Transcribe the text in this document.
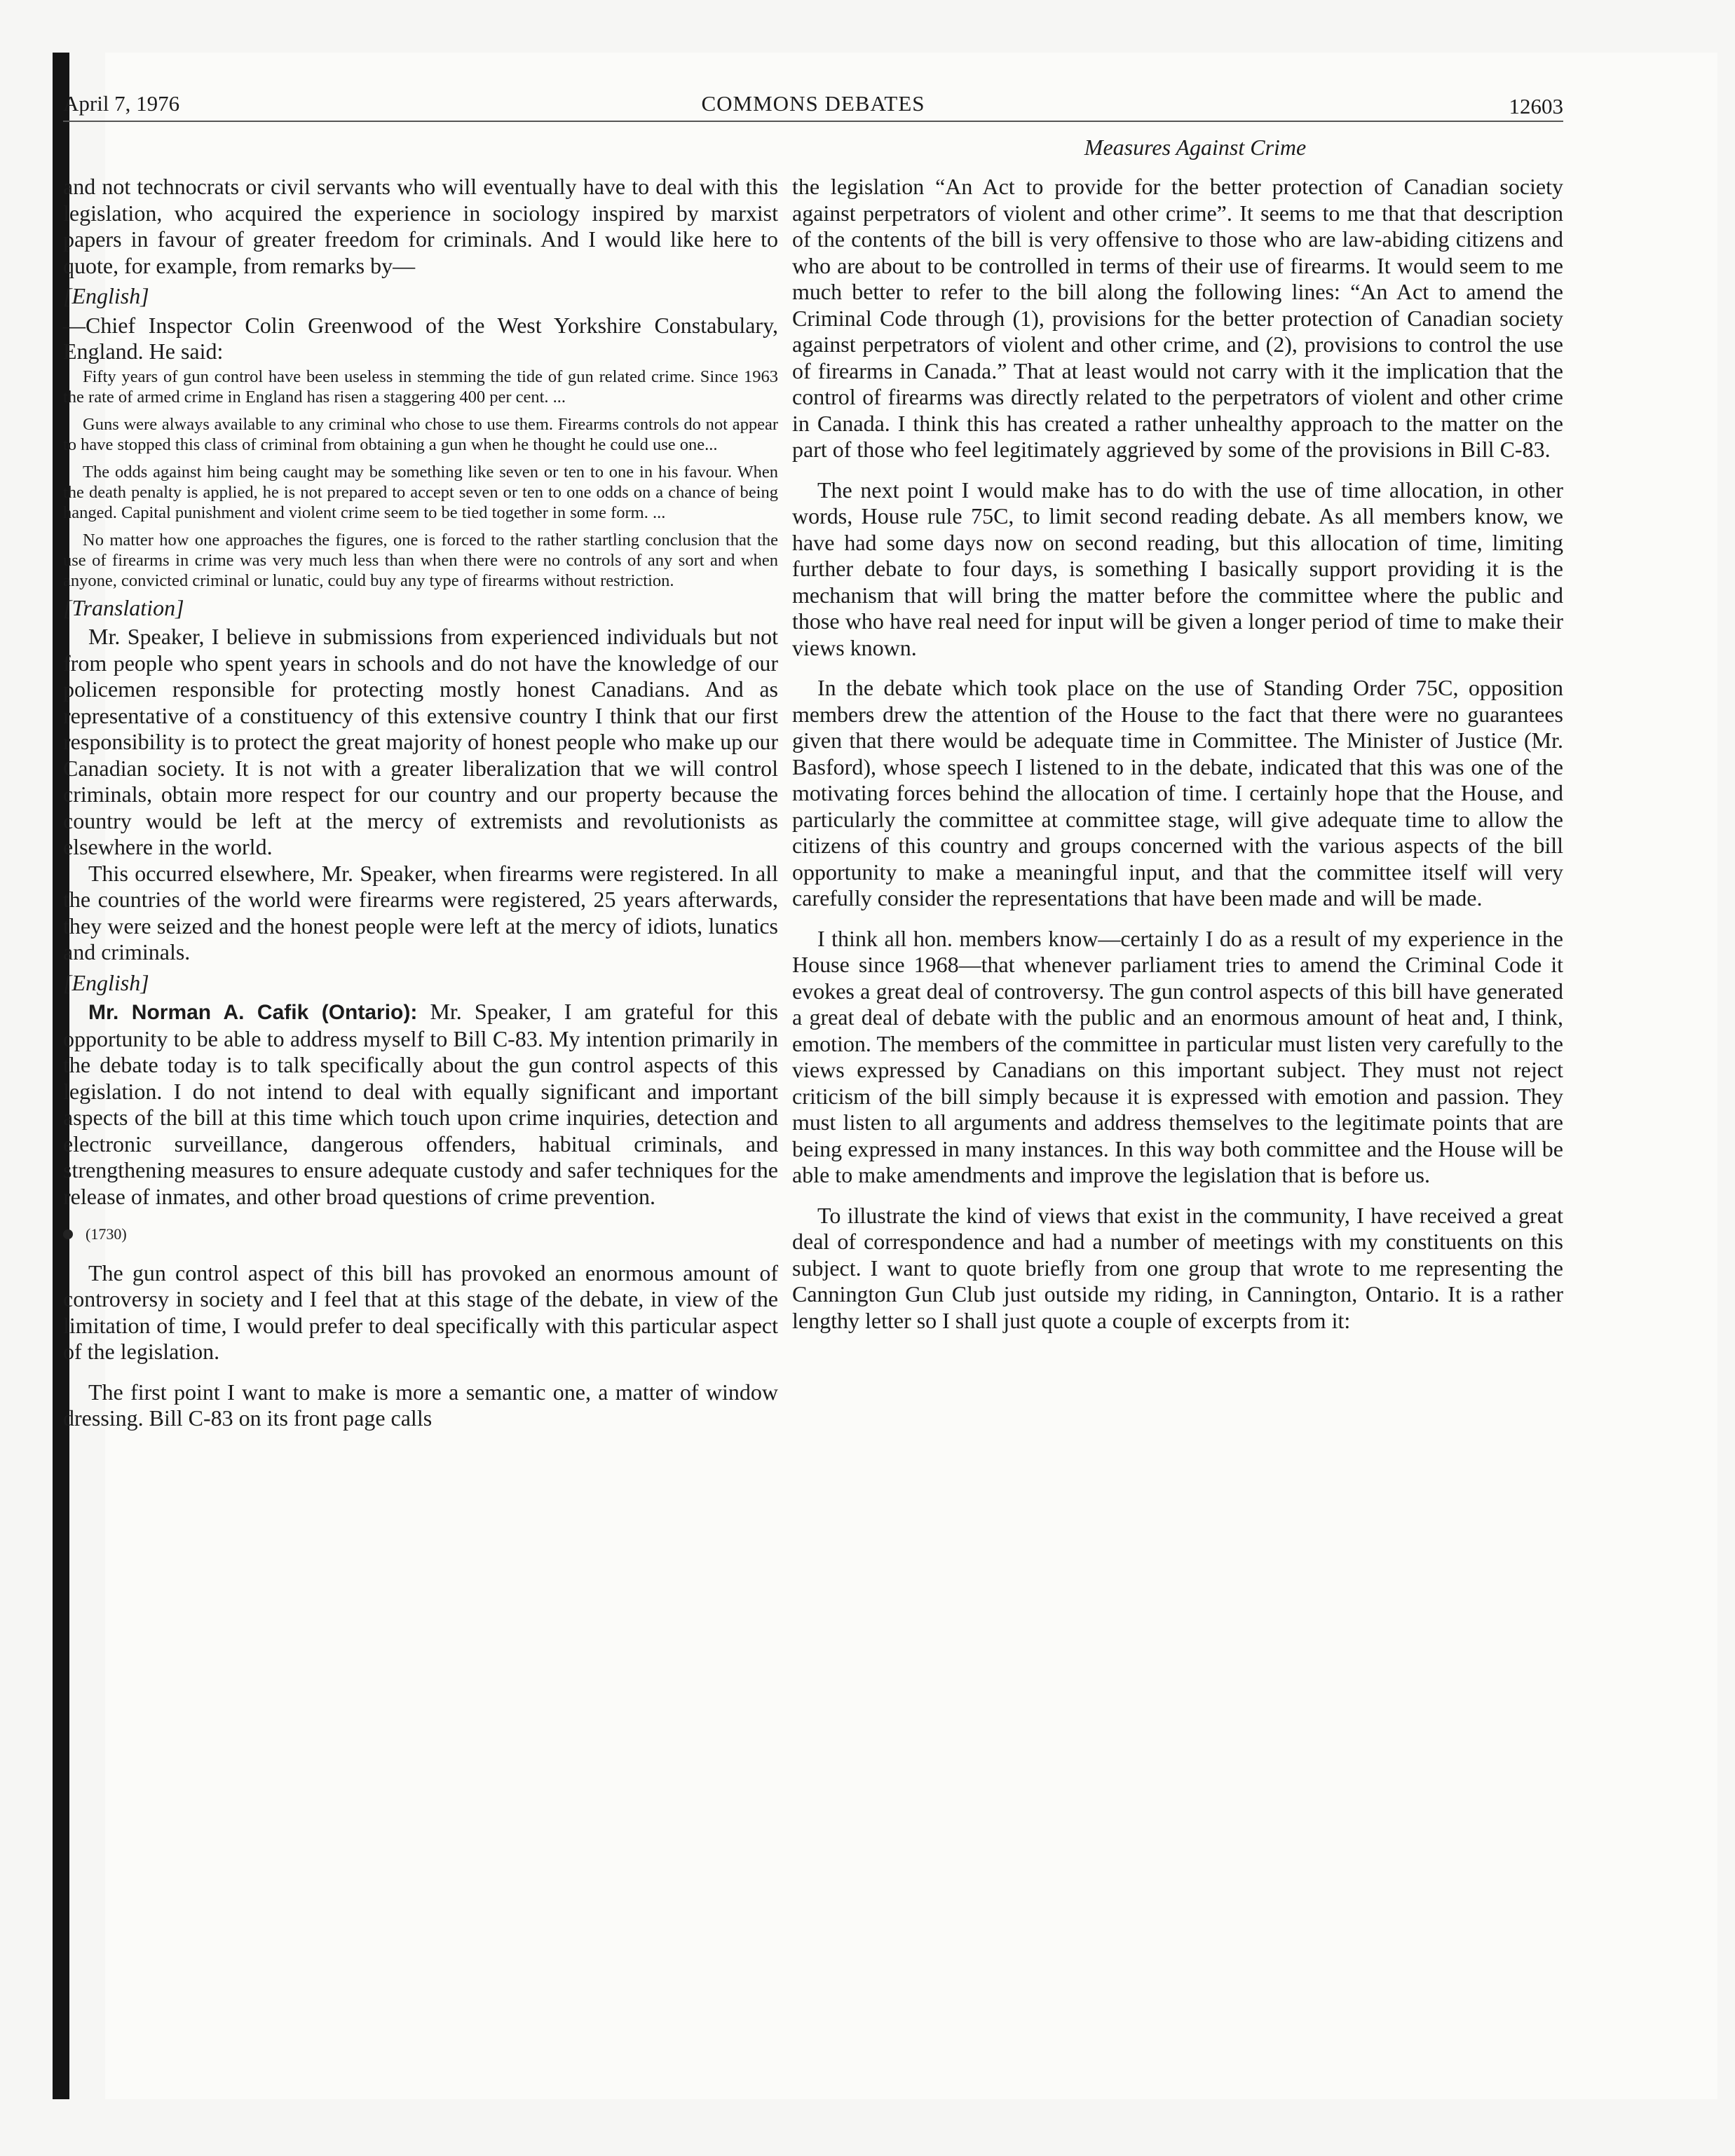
April 7, 1976	COMMONS DEBATES	12603
Measures Against Crime

and not technocrats or civil servants who will eventually have to deal with this legislation, who acquired the experience in sociology inspired by marxist papers in favour of greater freedom for criminals. And I would like here to quote, for example, from remarks by—

[English]

—Chief Inspector Colin Greenwood of the West Yorkshire Constabulary, England. He said:

Fifty years of gun control have been useless in stemming the tide of gun related crime. Since 1963 the rate of armed crime in England has risen a staggering 400 per cent. ...

Guns were always available to any criminal who chose to use them. Firearms controls do not appear to have stopped this class of criminal from obtaining a gun when he thought he could use one...

The odds against him being caught may be something like seven or ten to one in his favour. When the death penalty is applied, he is not prepared to accept seven or ten to one odds on a chance of being hanged. Capital punishment and violent crime seem to be tied together in some form. ...

No matter how one approaches the figures, one is forced to the rather startling conclusion that the use of firearms in crime was very much less than when there were no controls of any sort and when anyone, convicted criminal or lunatic, could buy any type of firearms without restriction.

[Translation]

Mr. Speaker, I believe in submissions from experienced individuals but not from people who spent years in schools and do not have the knowledge of our policemen responsible for protecting mostly honest Canadians. And as representative of a constituency of this extensive country I think that our first responsibility is to protect the great majority of honest people who make up our Canadian society. It is not with a greater liberalization that we will control criminals, obtain more respect for our country and our property because the country would be left at the mercy of extremists and revolutionists as elsewhere in the world.

This occurred elsewhere, Mr. Speaker, when firearms were registered. In all the countries of the world were firearms were registered, 25 years afterwards, they were seized and the honest people were left at the mercy of idiots, lunatics and criminals.

[English]

Mr. Norman A. Cafik (Ontario): Mr. Speaker, I am grateful for this opportunity to be able to address myself to Bill C-83. My intention primarily in the debate today is to talk specifically about the gun control aspects of this legislation. I do not intend to deal with equally significant and important aspects of the bill at this time which touch upon crime inquiries, detection and electronic surveillance, dangerous offenders, habitual criminals, and strengthening measures to ensure adequate custody and safer techniques for the release of inmates, and other broad questions of crime prevention.

(1730)

The gun control aspect of this bill has provoked an enormous amount of controversy in society and I feel that at this stage of the debate, in view of the limitation of time, I would prefer to deal specifically with this particular aspect of the legislation.

The first point I want to make is more a semantic one, a matter of window dressing. Bill C-83 on its front page calls

the legislation “An Act to provide for the better protection of Canadian society against perpetrators of violent and other crime”. It seems to me that that description of the contents of the bill is very offensive to those who are law-abiding citizens and who are about to be controlled in terms of their use of firearms. It would seem to me much better to refer to the bill along the following lines: “An Act to amend the Criminal Code through (1), provisions for the better protection of Canadian society against perpetrators of violent and other crime, and (2), provisions to control the use of firearms in Canada.” That at least would not carry with it the implication that the control of firearms was directly related to the perpetrators of violent and other crime in Canada. I think this has created a rather unhealthy approach to the matter on the part of those who feel legitimately aggrieved by some of the provisions in Bill C-83.

The next point I would make has to do with the use of time allocation, in other words, House rule 75C, to limit second reading debate. As all members know, we have had some days now on second reading, but this allocation of time, limiting further debate to four days, is something I basically support providing it is the mechanism that will bring the matter before the committee where the public and those who have real need for input will be given a longer period of time to make their views known.

In the debate which took place on the use of Standing Order 75C, opposition members drew the attention of the House to the fact that there were no guarantees given that there would be adequate time in Committee. The Minister of Justice (Mr. Basford), whose speech I listened to in the debate, indicated that this was one of the motivating forces behind the allocation of time. I certainly hope that the House, and particularly the committee at committee stage, will give adequate time to allow the citizens of this country and groups concerned with the various aspects of the bill opportunity to make a meaningful input, and that the committee itself will very carefully consider the representations that have been made and will be made.

I think all hon. members know—certainly I do as a result of my experience in the House since 1968—that whenever parliament tries to amend the Criminal Code it evokes a great deal of controversy. The gun control aspects of this bill have generated a great deal of debate with the public and an enormous amount of heat and, I think, emotion. The members of the committee in particular must listen very carefully to the views expressed by Canadians on this important subject. They must not reject criticism of the bill simply because it is expressed with emotion and passion. They must listen to all arguments and address themselves to the legitimate points that are being expressed in many instances. In this way both committee and the House will be able to make amendments and improve the legislation that is before us.

To illustrate the kind of views that exist in the community, I have received a great deal of correspondence and had a number of meetings with my constituents on this subject. I want to quote briefly from one group that wrote to me representing the Cannington Gun Club just outside my riding, in Cannington, Ontario. It is a rather lengthy letter so I shall just quote a couple of excerpts from it:
